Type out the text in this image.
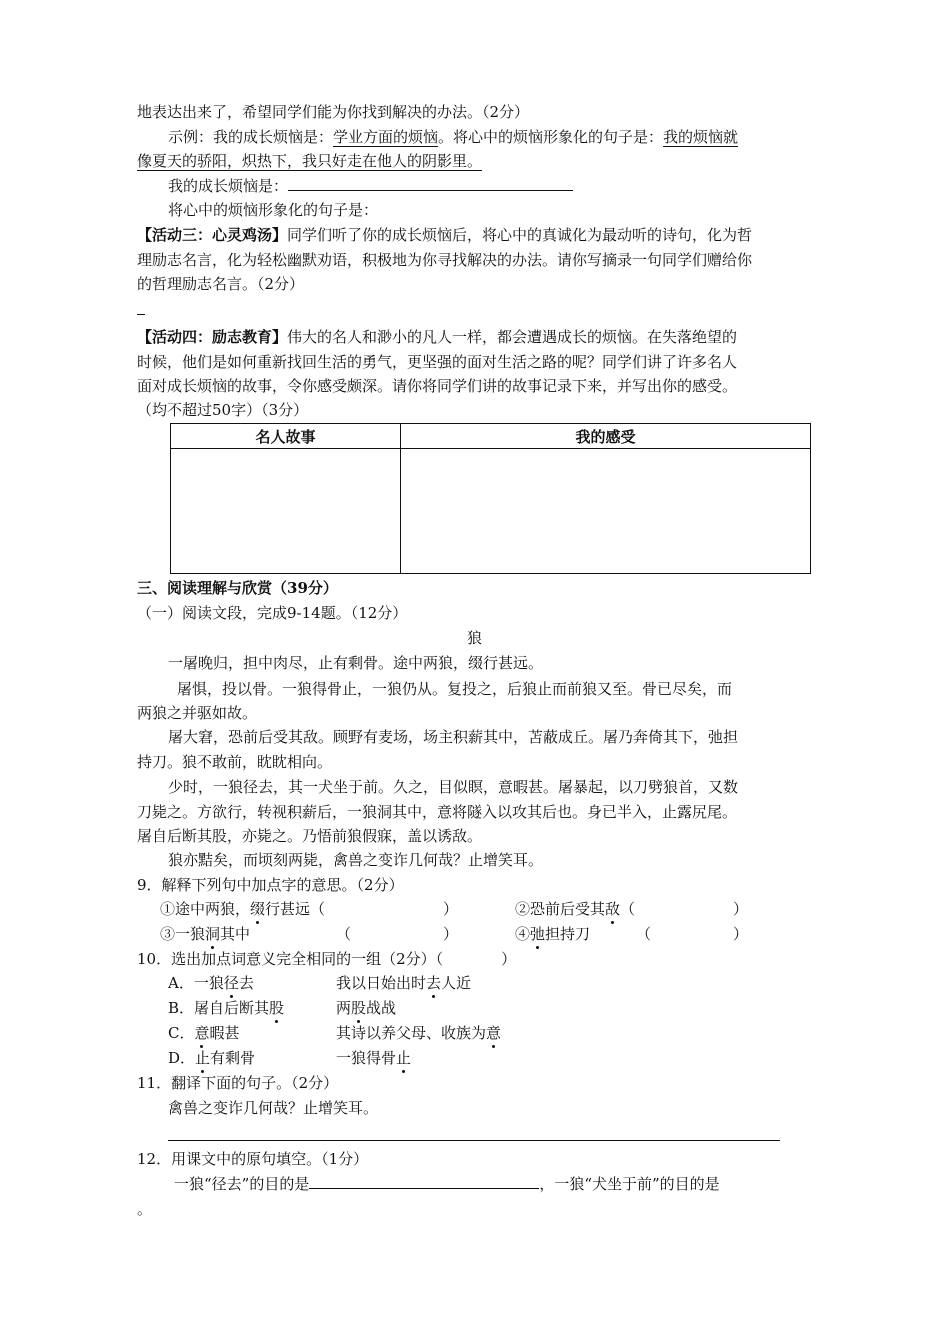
地表达出来了，希望同学们能为你找到解决的办法。（2分）
示例：我的成长烦恼是：学业方面的烦恼。将心中的烦恼形象化的句子是：我的烦恼就
像夏天的骄阳，炽热下，我只好走在他人的阴影里。
我的成长烦恼是：
将心中的烦恼形象化的句子是：
【活动三：心灵鸡汤】同学们听了你的成长烦恼后，将心中的真诚化为最动听的诗句，化为哲
理励志名言，化为轻松幽默劝语，积极地为你寻找解决的办法。请你写摘录一句同学们赠给你
的哲理励志名言。（2分）
【活动四：励志教育】伟大的名人和渺小的凡人一样，都会遭遇成长的烦恼。在失落绝望的
时候，他们是如何重新找回生活的勇气，更坚强的面对生活之路的呢？同学们讲了许多名人
面对成长烦恼的故事，令你感受颇深。请你将同学们讲的故事记录下来，并写出你的感受。
（均不超过50字）（3分）
名人故事	我的感受

三、阅读理解与欣赏（39分）
（一）阅读文段，完成9-14题。（12分）
狼
一屠晚归，担中肉尽，止有剩骨。途中两狼，缀行甚远。
屠惧，投以骨。一狼得骨止，一狼仍从。复投之，后狼止而前狼又至。骨已尽矣，而
两狼之并驱如故。
屠大窘，恐前后受其敌。顾野有麦场，场主积薪其中，苫蔽成丘。屠乃奔倚其下，弛担
持刀。狼不敢前，眈眈相向。
少时，一狼径去，其一犬坐于前。久之，目似瞑，意暇甚。屠暴起，以刀劈狼首，又数
刀毙之。方欲行，转视积薪后，一狼洞其中，意将隧入以攻其后也。身已半入，止露尻尾。
屠自后断其股，亦毙之。乃悟前狼假寐，盖以诱敌。
狼亦黠矣，而顷刻两毙，禽兽之变诈几何哉？止增笑耳。
9．解释下列句中加点字的意思。（2分）
①途中两狼，缀行甚远（	）	②恐前后受其敌（	）
③一狼洞其中	（	）	④弛担持刀	（	）
10．选出加点词意义完全相同的一组（2分）（	）
A．一狼径去	我以日始出时去人近
B．屠自后断其股	两股战战
C．意暇甚	其诗以养父母、收族为意
D．止有剩骨	一狼得骨止
11．翻译下面的句子。（2分）
禽兽之变诈几何哉？止增笑耳。
12．用课文中的原句填空。（1分）
一狼“径去”的目的是	，一狼“犬坐于前”的目的是
。
